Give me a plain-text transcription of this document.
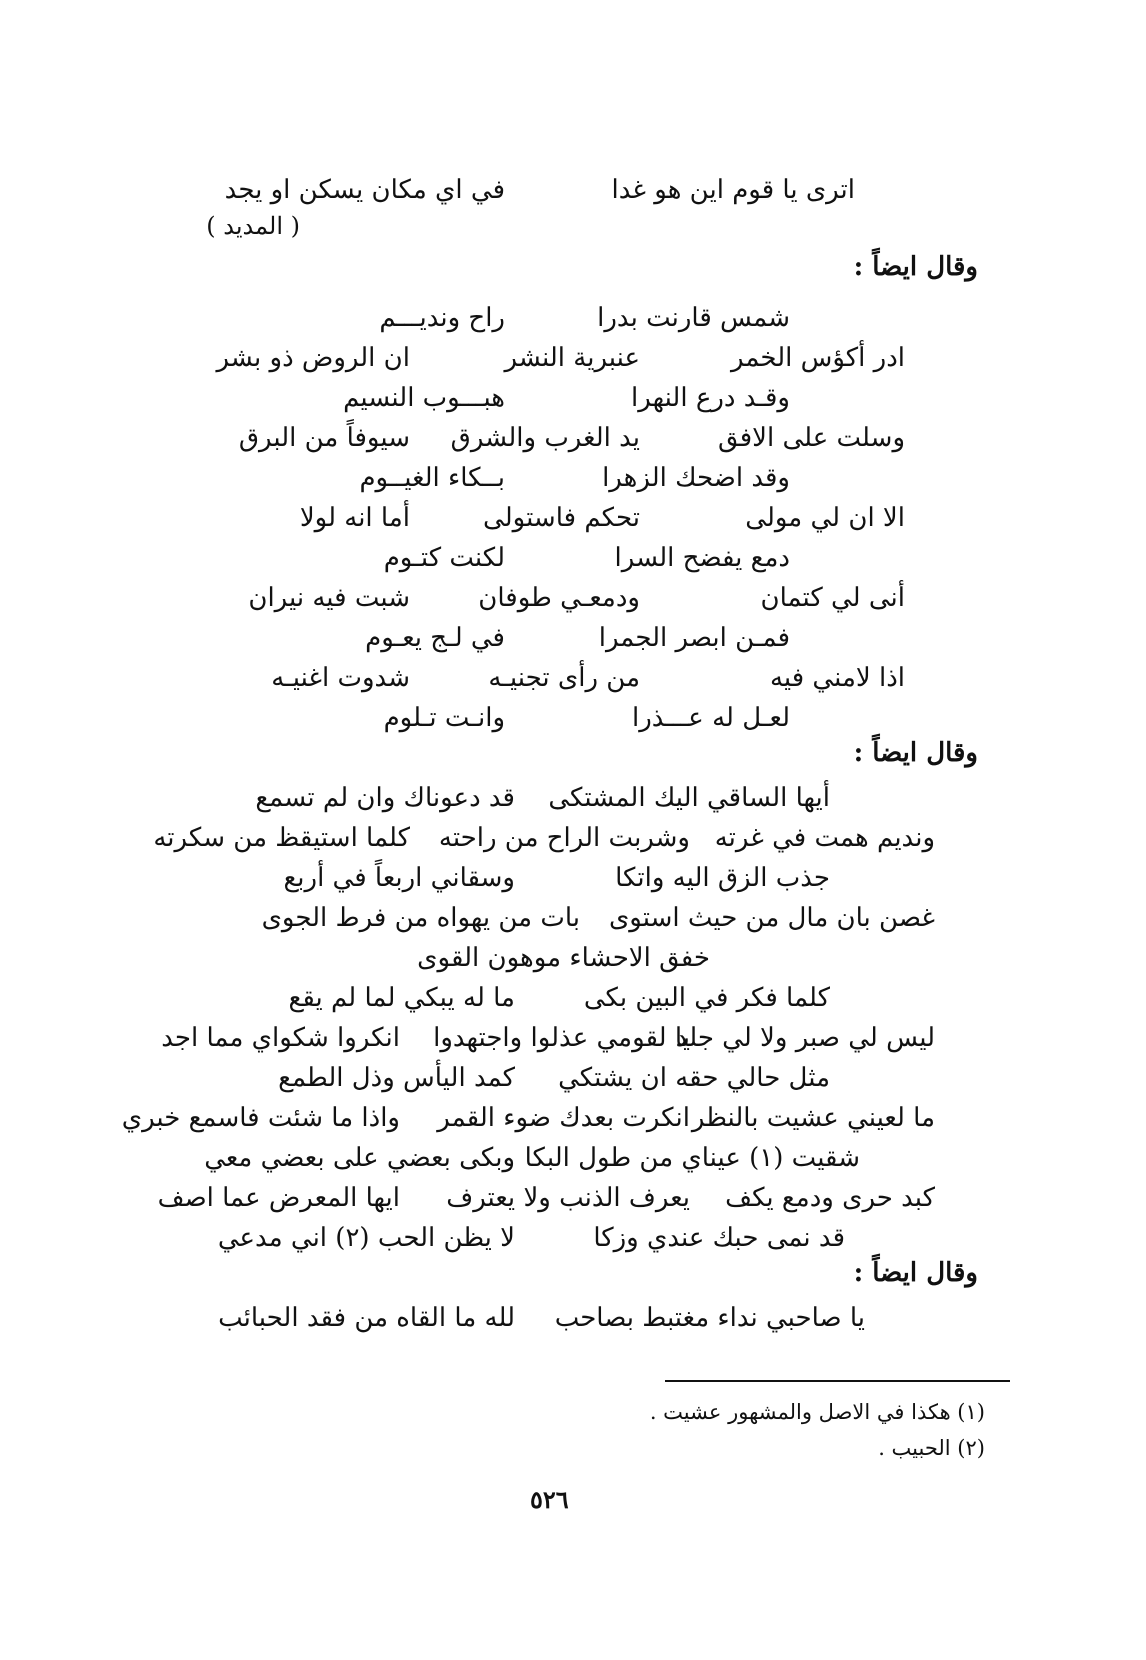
اترى يا قوم اين هو غدا
في اي مكان يسكن او يجد
( المديد )
وقال ايضاً :
شمس قارنت بدرا
راح ونديـــم
ادر أكؤس الخمر
عنبرية النشر
ان الروض ذو بشر
وقـد درع النهرا
هبـــوب النسيم
وسلت على الافق
يد الغرب والشرق
سيوفاً من البرق
وقد اضحك الزهرا
بــكاء الغيــوم
الا ان لي مولى
تحكم فاستولى
أما انه لولا
دمع يفضح السرا
لكنت كتـوم
أنى لي كتمان
ودمعـي طوفان
شبت فيه نيران
فمـن ابصر الجمرا
في لـج يعـوم
اذا لامني فيه
من رأى تجنيـه
شدوت اغنيـه
لعـل له عـــذرا
وانـت تـلوم
وقال ايضاً :
أيها الساقي اليك المشتكى
قد دعوناك وان لم تسمع
ونديم همت في غرته
وشربت الراح من راحته
كلما استيقظ من سكرته
جذب الزق اليه واتكا
وسقاني اربعاً في أربع
غصن بان مال من حيث استوى
بات من يهواه من فرط الجوى
خفق الاحشاء موهون القوى
كلما فكر في البين بكى
ما له يبكي لما لم يقع
ليس لي صبر ولا لي جلد
يا لقومي عذلوا واجتهدوا
انكروا شكواي مما اجد
مثل حالي حقه ان يشتكي
كمد اليأس وذل الطمع
ما لعيني عشيت بالنظر
انكرت بعدك ضوء القمر
واذا ما شئت فاسمع خبري
شقيت (١) عيناي من طول البكا
وبكى بعضي على بعضي معي
كبد حرى ودمع يكف
يعرف الذنب ولا يعترف
ايها المعرض عما اصف
قد نمى حبك عندي وزكا
لا يظن الحب (٢) اني مدعي
وقال ايضاً :
يا صاحبي نداء مغتبط بصاحب
لله ما القاه من فقد الحبائب
(١) هكذا في الاصل والمشهور عشيت .
(٢) الحبيب .
٥٢٦
